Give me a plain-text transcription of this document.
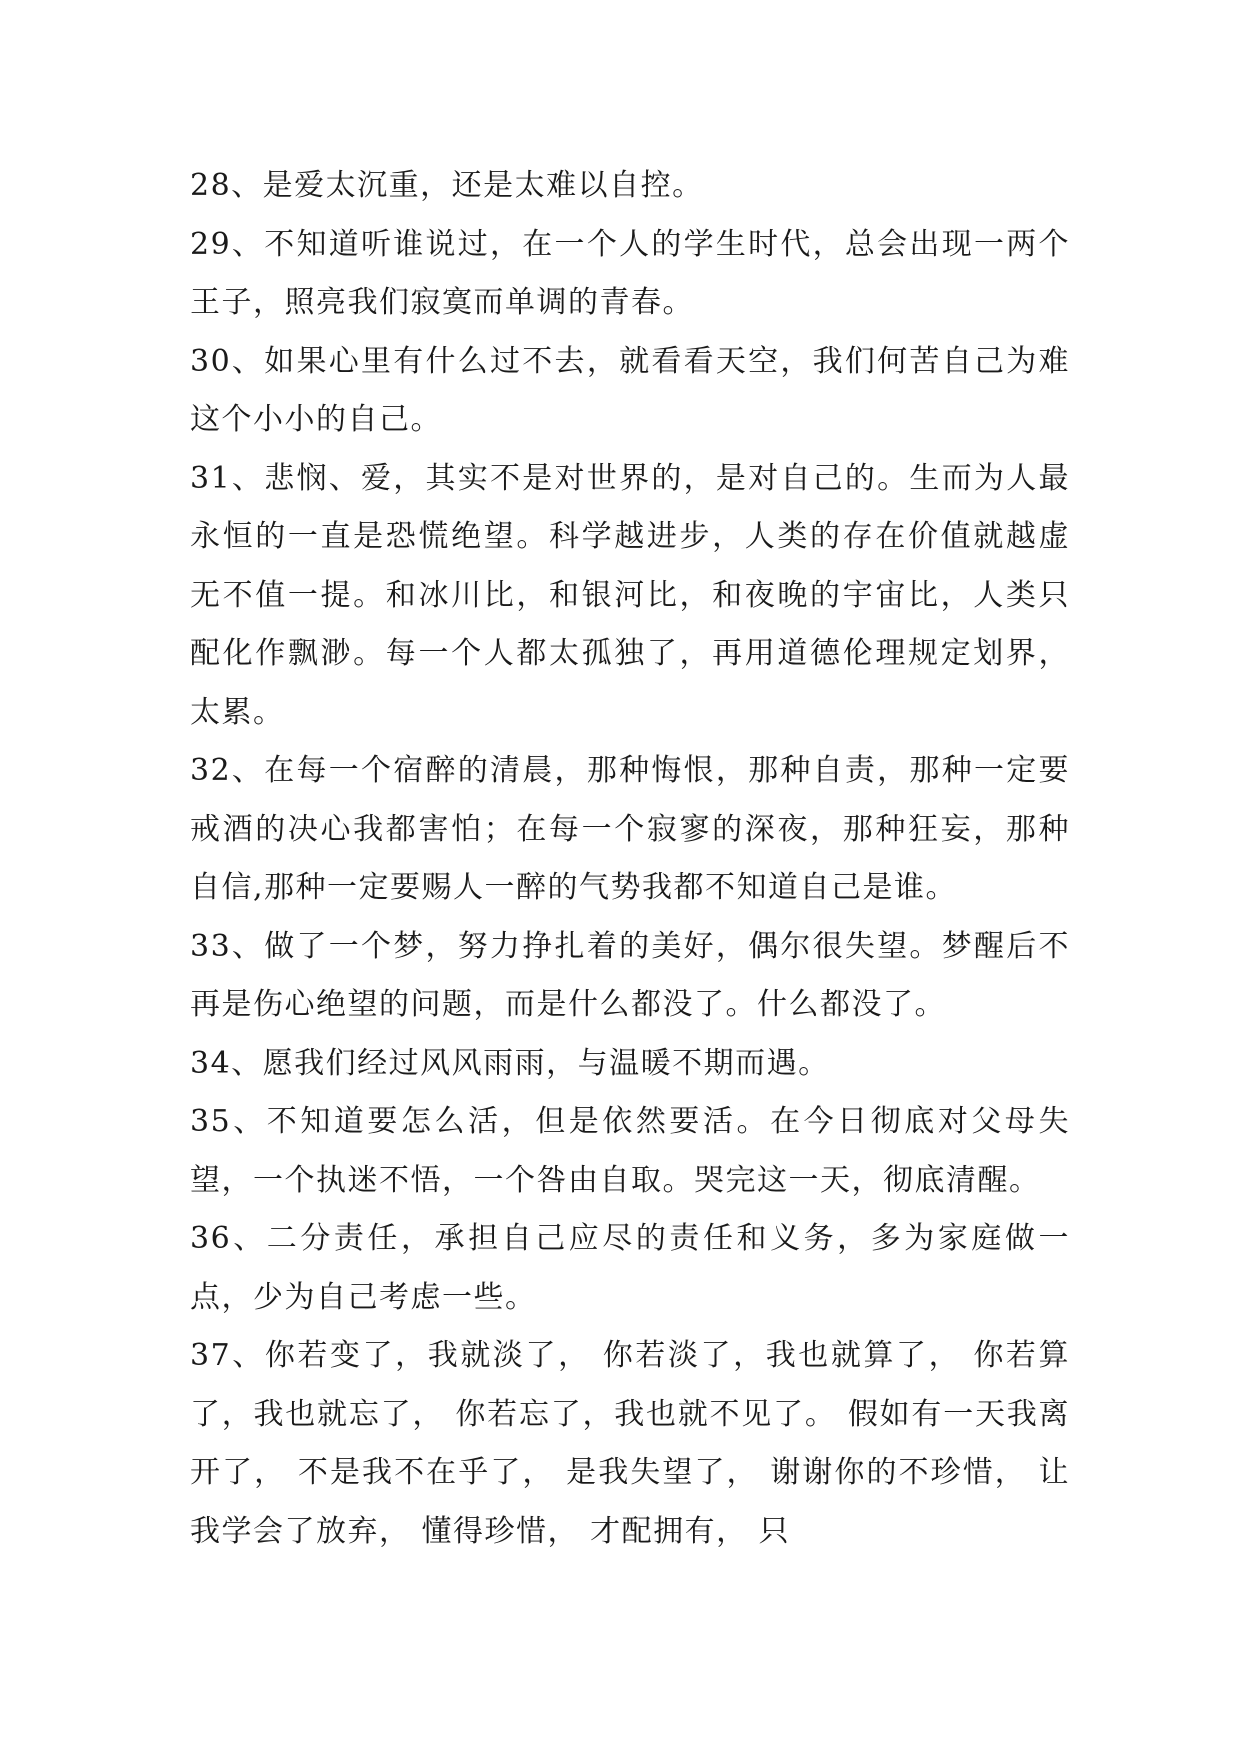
28、是爱太沉重，还是太难以自控。

29、不知道听谁说过，在一个人的学生时代，总会出现一两个王子，照亮我们寂寞而单调的青春。

30、如果心里有什么过不去，就看看天空，我们何苦自己为难这个小小的自己。

31、悲悯、爱，其实不是对世界的，是对自己的。生而为人最永恒的一直是恐慌绝望。科学越进步，人类的存在价值就越虚无不值一提。和冰川比，和银河比，和夜晚的宇宙比，人类只配化作飘渺。每一个人都太孤独了，再用道德伦理规定划界，太累。

32、在每一个宿醉的清晨，那种悔恨，那种自责，那种一定要戒酒的决心我都害怕；在每一个寂寥的深夜，那种狂妄，那种自信,那种一定要赐人一醉的气势我都不知道自己是谁。

33、做了一个梦，努力挣扎着的美好，偶尔很失望。梦醒后不再是伤心绝望的问题，而是什么都没了。什么都没了。

34、愿我们经过风风雨雨，与温暖不期而遇。

35、不知道要怎么活，但是依然要活。在今日彻底对父母失望，一个执迷不悟，一个咎由自取。哭完这一天，彻底清醒。

36、二分责任，承担自己应尽的责任和义务，多为家庭做一点，少为自己考虑一些。

37、你若变了，我就淡了， 你若淡了，我也就算了， 你若算了，我也就忘了， 你若忘了，我也就不见了。 假如有一天我离开了， 不是我不在乎了， 是我失望了， 谢谢你的不珍惜， 让我学会了放弃， 懂得珍惜， 才配拥有， 只
